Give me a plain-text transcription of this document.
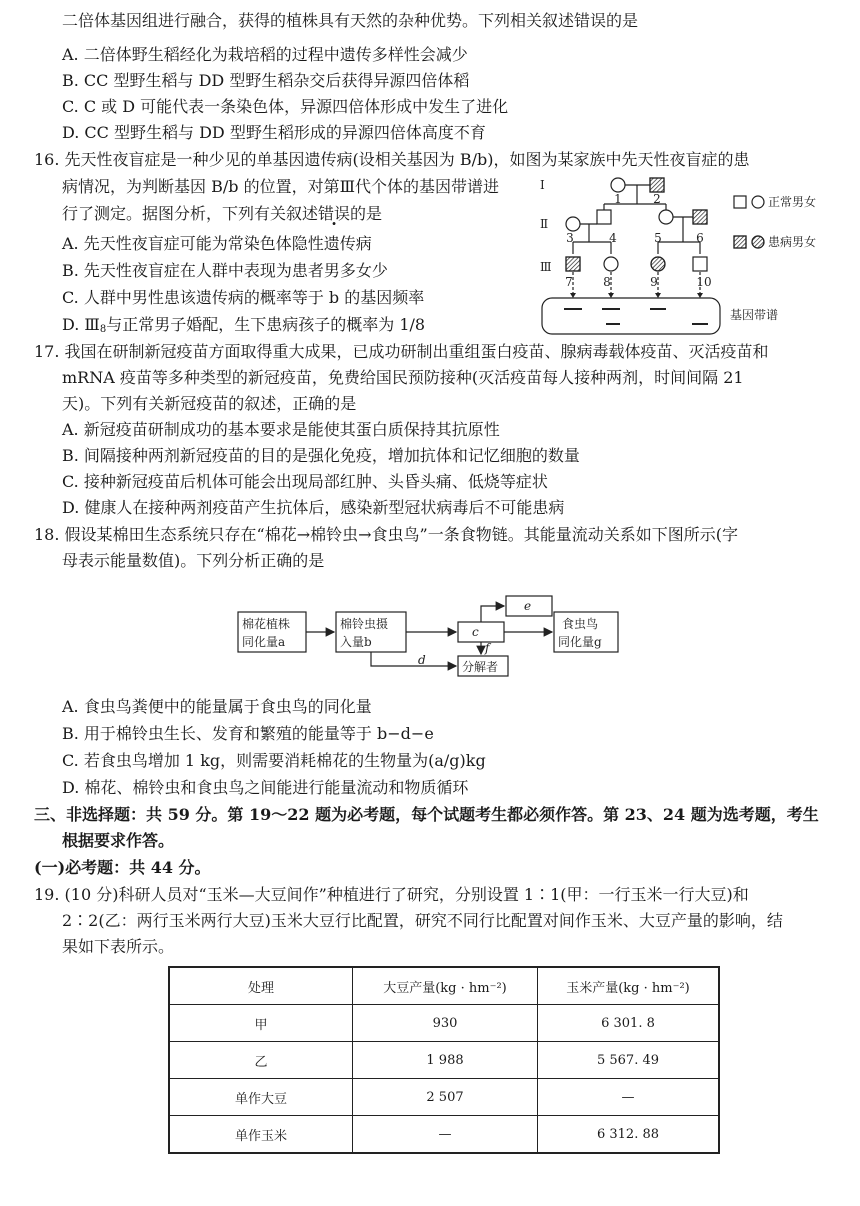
二倍体基因组进行融合，获得的植株具有天然的杂种优势。下列相关叙述错误的是
A. 二倍体野生稻经化为栽培稻的过程中遗传多样性会减少
B. CC 型野生稻与 DD 型野生稻杂交后获得异源四倍体稻
C. C 或 D 可能代表一条染色体，异源四倍体形成中发生了进化
D. CC 型野生稻与 DD 型野生稻形成的异源四倍体高度不育
16. 先天性夜盲症是一种少见的单基因遗传病(设相关基因为 B/b)，如图为某家族中先天性夜盲症的患
病情况，为判断基因 B/b 的位置，对第Ⅲ代个体的基因带谱进
行了测定。据图分析，下列有关叙述错误的是
A. 先天性夜盲症可能为常染色体隐性遗传病
B. 先天性夜盲症在人群中表现为患者男多女少
C. 人群中男性患该遗传病的概率等于 b 的基因频率
D. $Ⅲ_8$与正常男子婚配，生下患病孩子的概率为 1/8
Ⅰ
Ⅱ
Ⅲ
1	2
3	4	5	6
7	8	9	10
正常男女
患病男女
基因带谱
17. 我国在研制新冠疫苗方面取得重大成果，已成功研制出重组蛋白疫苗、腺病毒载体疫苗、灭活疫苗和
mRNA 疫苗等多种类型的新冠疫苗，免费给国民预防接种(灭活疫苗每人接种两剂，时间间隔 21
天)。下列有关新冠疫苗的叙述，正确的是
A. 新冠疫苗研制成功的基本要求是能使其蛋白质保持其抗原性
B. 间隔接种两剂新冠疫苗的目的是强化免疫，增加抗体和记忆细胞的数量
C. 接种新冠疫苗后机体可能会出现局部红肿、头昏头痛、低烧等症状
D. 健康人在接种两剂疫苗产生抗体后，感染新型冠状病毒后不可能患病
18. 假设某棉田生态系统只存在“棉花→棉铃虫→食虫鸟”一条食物链。其能量流动关系如下图所示(字
母表示能量数值)。下列分析正确的是
棉花植株
同化量a
棉铃虫摄
入量b
c
e
f
d	分解者
食虫鸟
同化量g
A. 食虫鸟粪便中的能量属于食虫鸟的同化量
B. 用于棉铃虫生长、发育和繁殖的能量等于 b−d−e
C. 若食虫鸟增加 1 kg，则需要消耗棉花的生物量为(a/g)kg
D. 棉花、棉铃虫和食虫鸟之间能进行能量流动和物质循环
三、非选择题：共 59 分。第 19～22 题为必考题，每个试题考生都必须作答。第 23、24 题为选考题，考生
根据要求作答。
(一)必考题：共 44 分。
19. (10 分)科研人员对“玉米—大豆间作”种植进行了研究，分别设置 1∶1(甲：一行玉米一行大豆)和
2∶2(乙：两行玉米两行大豆)玉米大豆行比配置，研究不同行比配置对间作玉米、大豆产量的影响，结
果如下表所示。
处理	大豆产量(kg · hm⁻²)	玉米产量(kg · hm⁻²)
甲	930	6 301. 8
乙	1 988	5 567. 49
单作大豆	2 507	—
单作玉米	—	6 312. 88
